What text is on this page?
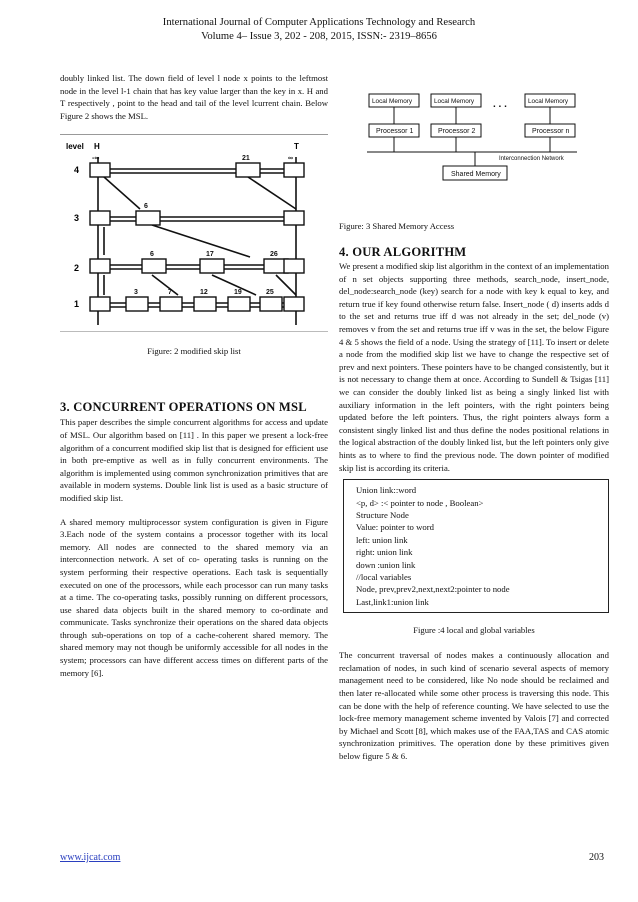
International Journal of Computer Applications Technology and Research
Volume 4– Issue 3, 202 - 208, 2015, ISSN:- 2319–8656

doubly linked list. The down field of level l node x points to the leftmost node in the level l-1 chain that has key value larger than the key in x. H and T respectively , point to the head and tail of the level lcurrent chain. Below Figure 2 shows the MSL.

level H	T
4
3
2
1
-∞	∞
21
6
6	17	26
3	7	12	19	25

Figure: 2 modified skip list

3. CONCURRENT OPERATIONS ON MSL

This paper describes the simple concurrent algorithms for access and update of MSL. Our algorithm based on [11] . In this paper we present a lock-free algorithm of a concurrent modified skip list that is designed for efficient use in both pre-emptive as well as in fully concurrent environments. The algorithm is implemented using common synchronization primitives that are available in modern systems. Double link list is used as a basic structure of modified skip list.

A shared memory multiprocessor system configuration is given in Figure 3.Each node of the system contains a processor together with its local memory. All nodes are connected to the shared memory via an interconnection network. A set of co- operating tasks is running on the system performing their respective operations. Each task is sequentially executed on one of the processors, while each processor can run many tasks at a time. The co-operating tasks, possibly running on different processors, use shared data objects built in the shared memory to co-ordinate and communicate. Tasks synchronize their operations on the shared data objects through sub-operations on top of a cache-coherent shared memory. The shared memory may not though be uniformly accessible for all nodes in the system; processors can have different access times on different parts of the memory [6].

Local Memory	Local Memory	Local Memory
Processor 1	Processor 2	Processor n
. . .
Interconnection Network
Shared Memory

Figure: 3 Shared Memory Access

4. OUR ALGORITHM

We present a modified skip list algorithm in the context of an implementation of n set objects supporting three methods, search_node, insert_node, del_node:search_node (key) search for a node with key k equal to key, and return true if key found otherwise return false. Insert_node ( d) inserts adds d to the set and returns true iff d was not already in the set; del_node (v) removes v from the set and returns true iff v was in the set, the below Figure 4 & 5 shows the field of a node. Using the strategy of [11]. To insert or delete a node from the modified skip list we have to change the respective set of prev and next pointers. These pointers have to be changed consistently, but it is not necessary to change them at once. According to Sundell & Tsigas [11] we can consider the doubly linked list as being a singly linked list with auxiliary information in the left pointers, with the right pointers being updated before the left pointers. Thus, the right pointers always form a consistent singly linked list and thus define the nodes positional relations in the logical abstraction of the doubly linked list, but the left pointers only give hints as to where to find the previous node. The down pointer of modified skip list is according its criteria.

Union link::word
<p, d> :< pointer to node , Boolean>
Structure Node
Value: pointer to word
left: union link
right: union link
down :union link
//local variables
Node, prev,prev2,next,next2:pointer to node
Last,link1:union link

Figure :4 local and global variables

The concurrent traversal of nodes makes a continuously allocation and reclamation of nodes, in such kind of scenario several aspects of memory management need to be considered, like No node should be reclaimed and then later re-allocated while some other process is traversing this node. This can be done with the help of reference counting. We have selected to use the lock-free memory management scheme invented by Valois [7] and corrected by Michael and Scott [8], which makes use of the FAA,TAS and CAS atomic synchronization primitives. The operation done by these primitives given below figure 5 & 6.

www.ijcat.com	203
